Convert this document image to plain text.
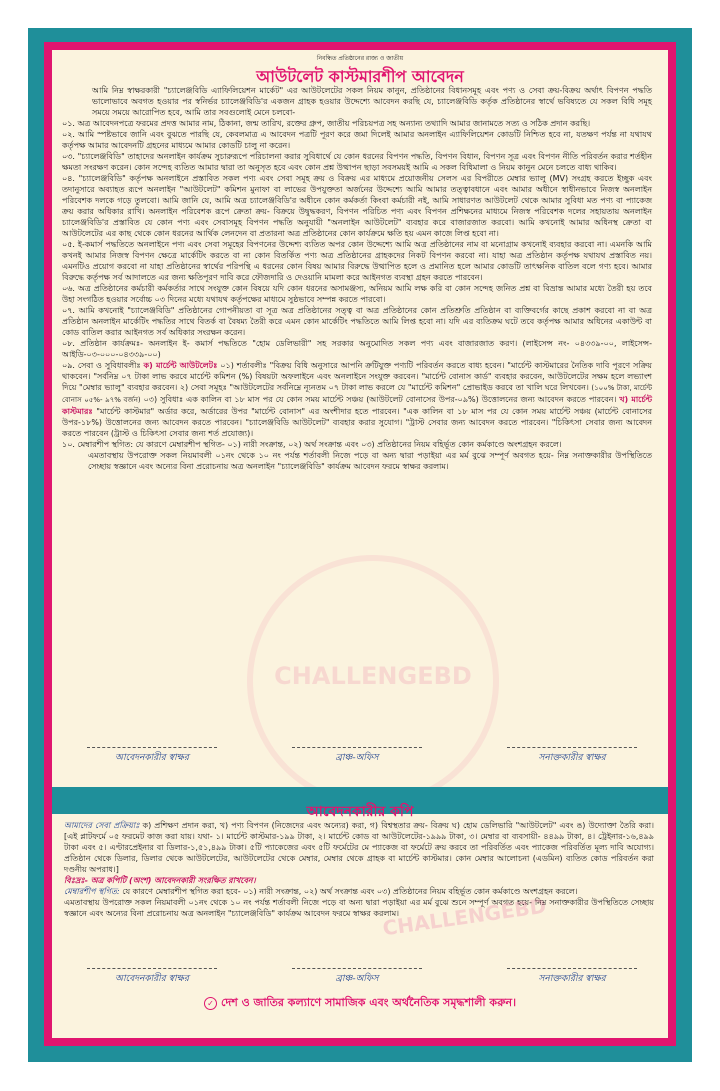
CHALLENGEBD
নিবন্ধিত প্রতিষ্ঠানের রাজ্য ও জাতীয়
আউটলেট কাস্টমারশীপ আবেদন
আমি নিম্ন স্বাক্ষরকারী "চ্যালেঞ্জবিডি এ্যাফিলিয়েশন মার্কেট" এর আউটলেটের সকল নিয়ম কানুন, প্রতিষ্ঠানের বিধানসমূহ এবং পণ্য ও সেবা ক্রয়-বিক্রয় অর্থাৎ বিপণন পদ্ধতি ভালোভাবে অবগত হওয়ার পর স্বনির্ভর চ্যালেঞ্জবিডি'র একজন গ্রাহক হওয়ার উদ্দেশ্যে আবেদন করছি যে, চ্যালেঞ্জবিডি কর্তৃক প্রতিষ্ঠানের স্বার্থে ভবিষ্যতে যে সকল বিধি সমূহ সময়ে সময়ে আরোপিত হবে, আমি তার সবগুলোই মেনে চলবো-
০১. অত্র আবেদনপত্রে ফরমের প্রদত্ত আমার নাম, ঠিকানা, জন্ম তারিখ, রক্তের গ্রুপ, জাতীয় পরিচয়পত্র সহ অন্যান্য তথ্যাদি আমার জানামতে সত্য ও সঠিক প্রদান করছি।
০২. আমি স্পষ্টভাবে জানি এবং বুঝতে পারছি যে, কেবলমাত্র এ আবেদন পত্রটি পূরণ করে জমা দিলেই আমার অনলাইন এ্যাফিলিয়েশন কোডটি নিশ্চিত হবে না, যতক্ষণ পর্যন্ত না যথাযথ কর্তৃপক্ষ আমার আবেদনটি গ্রহনের মাধ্যমে আমার কোডটি চালু না করেন।
০৩. "চ্যালেঞ্জবিডি" তাহাদের অনলাইন কার্যক্রম সুচারুরূপে পরিচালনা করার সুবিধার্থে যে কোন ধরনের বিপণন পদ্ধতি, বিপণন বিধান, বিপণন সূত্র এবং বিপণন নীতি পরিবর্তন করার শর্তহীন ক্ষমতা সংরক্ষণ করেন। কোন সন্দেহ ব্যতিত আমার দ্বারা তা অনুসৃত হবে এবং কোন প্রশ্ন উত্থাপন ছাড়া সবসময়ই আমি এ সকল বিধিমালা ও নিয়ম কানুন মেনে চলতে বাধ্য থাকিব।
০৪. "চ্যালেঞ্জবিডি" কর্তৃপক্ষ অনলাইনে প্রস্তাবিত সকল পণ্য এবং সেবা সমূহ ক্রয় ও বিক্রয় এর মাধ্যমে প্রয়োজনীয় সেলস এর বিপরীতে মেম্বার ভ্যালু (MV) সংগ্রহ করতে ইচ্ছুক এবং তদানুসারে অব্যাহত রূপে অনলাইন "আউটলেট" কমিশন মুনাফা বা লাভের উপযুক্ততা অর্জনের উদ্দেশ্যে আমি আমার তত্ত্বাবধানে এবং আমার অধীনে স্বাধীনভাবে নিজস্ব অনলাইন পরিবেশক দলকে গড়ে তুলবো। আমি জানি যে, আমি অত্র চ্যালেঞ্জবিডি'র অধীনে কোন কর্মকর্তা কিংবা কর্মচারী নই, আমি সাধারণত আউটলেট থেকে আমার সুবিধা মত পণ্য বা প্যাকেজ ক্রয় করার অধিকার রাখি। অনলাইন পরিবেশক রূপে ক্রেতা ক্রয়- বিক্রয়ে উদ্বুদ্ধকরণ, বিপণন পরিচিত পণ্য এবং বিপণন প্রশিক্ষনের মাধ্যমে নিজস্ব পরিবেশক দলের সহায়তায় অনলাইন চ্যালেঞ্জবিডি'র প্রস্তাবিত যে কোন পণ্য এবং সেবাসমূহ বিপণন পদ্ধতি অনুযায়ী "অনলাইন আউটলেট" ব্যবহার করে বাজারজাত করবো। আমি কখনোই আমার অধিনস্থ ক্রেতা বা আউটলেটের এর কাছ থেকে কোন ধরনের আর্থিক লেনদেন বা প্রতারনা অত্র প্রতিষ্ঠানের কোন কার্যক্রমে ক্ষতি হয় এমন কাজে লিপ্ত হবো না।
০৫. ই-কমার্স পদ্ধতিতে অনলাইনে পণ্য এবং সেবা সমূহের বিপণনের উদ্দেশ্য ব্যতিত অপর কোন উদ্দেশ্যে আমি অত্র প্রতিষ্ঠানের নাম বা মনোগ্রাম কখনোই ব্যবহার করবো না। এমনকি আমি কখনই আমার নিজস্ব বিপণন ক্ষেত্রে মার্কেটিং করতে বা না কোন বিতর্কিত পণ্য অত্র প্রতিষ্ঠানের গ্রাহকদের নিকট বিপণন করবো না। যাহা অত্র প্রতিষ্ঠান কর্তৃপক্ষ যথাযথ প্রস্তাবিত নয়। এমনটিও প্রয়োগ করবো না যাহা প্রতিষ্ঠানের স্বার্থের পরিপন্থি এ ধরনের কোন বিষয় আমার বিরুদ্ধে উত্থাপিত হলে ও প্রমানিত হলে আমার কোডটি তাৎক্ষনিক বাতিল বলে গণ্য হবে। আমার বিরুদ্ধে কর্তৃপক্ষ সর্ব আদালতে এর জন্য ক্ষতিপূরণ দাবি করে ফৌজদারি ও দেওয়ানি মামলা করে আইনগত ব্যবস্থা গ্রহন করতে পারবেন।
০৬. অত্র প্রতিষ্ঠানের কর্মচারী কর্মকর্তার সাথে সংযুক্ত কোন বিষয়ে যদি কোন ধরনের অসামঞ্জস্য, অনিয়ম আমি লক্ষ করি বা কোন সন্দেহ জনিত প্রশ্ন বা বিভ্রান্ত আমার মধ্যে তৈরী হয় তবে উহা সংগঠিত হওয়ার সর্বোচ্চ ০৩ দিনের মধ্যে যথাযথ কর্তৃপক্ষের মাধ্যমে সুষ্ঠভাবে সম্পন্ন করতে পারবো।
০৭. আমি কখনোই "চ্যালেঞ্জবিডি" প্রতিষ্ঠানের গোপনীয়তা বা সূত্র অত্র প্রতিষ্ঠানের সত্ত্ব বা অত্র প্রতিষ্ঠানের কোন প্রতিশ্রুতি প্রতিষ্ঠান বা ব্যক্তিবর্গের কাছে প্রকাশ করবো না বা অত্র প্রতিষ্ঠান অনলাইন মার্কেটিং পদ্ধতির সাথে বিতর্ক বা বৈষম্য তৈরী করে এমন কোন মার্কেটিং পদ্ধতিতে আমি লিপ্ত হবো না। যদি এর ব্যতিক্রম ঘটে তবে কর্তৃপক্ষ আমার অধিনের একাউন্ট বা কোড বাতিল করার আইনগত সর্ব অধিকার সংরক্ষন করেন।
০৮. প্রতিষ্ঠান কার্যক্রমঃ- অনলাইন ই- কমার্স পদ্ধতিতে "হোম ডেলিভারী" সহ সরকার অনুমোদিত সকল পণ্য এবং বাজারজাত করণ। (লাইসেন্স নং- ০৪৩৩৯-০০, লাইসেন্স- আইডি-০৩-০০০-০৪৩৩৯-০০)
০৯. সেবা ও সুবিধাবলীঃ ক) মার্চেন্ট আউটলেটঃ ০১) শর্তাবলীঃ "বিক্রয় বিধি অনুসারে আপনি ক্রটিযুক্ত পণ্যটি পরিবর্তন করতে বাধ্য হবেন। "মার্চেন্ট কাস্টমারের নৈতিক দাবি পূরণে সক্রিয় থাকবেন। "সর্বনিম্ন ০৭ টাকা লাভ করবে মার্চেন্ট কমিশন (%) বিষয়টা অফলাইনে এবং অনলাইনে সংযুক্ত করবেন। "মার্চেন্ট বোনাস কার্ড" ব্যবহার করবেন, আউটলেটের সক্ষম হলে লভ্যাংশ দিয়ে "মেম্বার ভ্যালু" ব্যবহার করবেন। ২) সেবা সমূহঃ "আউটলেটের সর্বনিম্নে ন্যূনতম ০৭ টাকা লাভ করলে যে "মার্চেন্ট কমিশন" প্রোভাইড করবে তা খালি ঘরে লিখবেন। (১০০% টাকা, মার্চেন্ট বোনাস ০৫%- ৯৭% বর্জন) ০৩) সুবিধাঃ এক কালিন বা ১৮ মাস পর যে কোন সময় মার্চেন্ট সঞ্চয় (আউটলেট বোনাসের উপর-০৯%) উত্তোলনের জন্য আবেদন করতে পারবেন। খ) মার্চেন্ট কাস্টমারঃ "মার্চেন্ট কাস্টমার" অর্ডার করে, অর্ডারের উপর "মার্চেন্ট বোনাস" এর অংশীদার হতে পারবেন। "এক কালিন বা ১৮ মাস পর যে কোন সময় মার্চেন্ট সঞ্চয় (মার্চেন্ট বোনাসের উপর-১৮%) উত্তোলনের জন্য আবেদন করতে পারবেন। "চ্যালেঞ্জবিডি আউটলেট" ব্যবহার করার সুযোগ। "ট্রাস্ট সেবার জন্য আবেদন করতে পারবেন। "চিকিৎসা সেবার জন্য আবেদন করতে পারবেন (ট্রাস্ট ও চিকিৎসা সেবার জন্য শর্ত প্রযোজ্য)।
১০. মেম্বারশীপ স্থগিত: যে কারণে মেম্বারশীপ স্থগিত- ০১) নারী সংক্রান্ত, ০২) অর্থ সংক্রান্ত এবং ০৩) প্রতিষ্ঠানের নিয়ম বহির্ভূত কোন কর্মকাণ্ডে অংশগ্রহন করলে।
এমতাবস্থায় উপরোক্ত সকল নিয়মাবলী ০১নং থেকে ১০ নং পর্যন্ত শর্তাবলী নিজে পড়ে বা অন্য দ্বারা পড়াইয়া এর মর্ম বুঝে সম্পূর্ণ অবগত হয়ে- নিম্ন সনাক্তকারীর উপস্থিতিতে সেচ্ছায় স্বজ্ঞানে এবং অন্যের বিনা প্ররোচনায় অত্র অনলাইন "চ্যালেঞ্জবিডি" কার্যক্রম আবেদন ফরমে স্বাক্ষর করলাম।
আবেদনকারীর স্বাক্ষর	ব্রাঞ্চ-অফিস	সনাক্তকারীর স্বাক্ষর
আবেদনকারীর কপি
আমাদের সেবা প্রক্রিয়াঃ ক) প্রশিক্ষণ প্রদান করা, খ) পণ্য বিপণন (নিজেদের এবং অন্যের) করা, গ) বিশ্বস্থতার ক্রয়- বিক্রয় ঘ) হোম ডেলিভারি "আউটলেট" এবং ঙ) উদ্যোক্তা তৈরি করা। [এই প্লাটফর্মে ০৫ ফরমেট কাজ করা যায়। যথা- ১। মার্চেন্ট কাস্টমার-১৯৯ টাকা, ২। মার্চেন্ট কোড বা আউটলেটের-১৯৯৯ টাকা, ৩। মেম্বার বা ব্যবসায়ী- ৪৪৯৯ টাকা, ৪। ট্রেইনার-১৬,৪৯৯ টাকা এবং ৫। এণ্টারপ্রেইনার বা ডিলার-১,৫১,৪৯৯ টাকা। ৫টি প্যাকেজের এবং ৫টি ফর্মেটের মে প্যাকেজ বা ফর্মেটে ক্রয় করবে তা পরিবর্তিত এবং প্যাকেজ পরিবর্তিত মূল্য দাবি অযোগ্য। প্রতিষ্ঠান থেকে ডিলার, ডিলার থেকে আউটলেটের, আউটলেটের থেকে মেম্বার, মেম্বার থেকে গ্রাহক বা মার্চেন্ট কাস্টমার। কোন মেম্বার আলোচনা (এডমিন) ব্যতিত কোড পরিবর্তন করা দণ্ডনীয় অপরাধ।]
বিঃদ্রঃ- অত্র কপিটি (অংশ) আবেদনকারী সংরক্ষিত রাখবেন।
মেম্বারশীপ স্থগিত: যে কারণে মেম্বারশীপ স্থগিত করা হবে- ০১) নারী সংক্রান্ত, ০২) অর্থ সংক্রান্ত এবং ০৩) প্রতিষ্ঠানের নিয়ম বহির্ভূত কোন কর্মকাণ্ডে অংশগ্রহন করলে।
এমতাবস্থায় উপরোক্ত সকল নিয়মাবলী ০১নং থেকে ১০ নং পর্যন্ত শর্তাবলী নিজে পড়ে বা অন্য দ্বারা পড়াইয়া এর মর্ম বুঝে শুনে সম্পূর্ণ অবগত হয়ে- নিম্ন সনাক্তকারীর উপস্থিতিতে সেচ্ছায় স্বজ্ঞানে এবং অন্যের বিনা প্ররোচনায় অত্র অনলাইন "চ্যালেঞ্জবিডি" কার্যক্রম আবেদন ফরমে স্বাক্ষর করলাম।
CHALLENGEBD
আবেদনকারীর স্বাক্ষর	ব্রাঞ্চ-অফিস	সনাক্তকারীর স্বাক্ষর
✓ দেশ ও জাতির কল্যাণে সামাজিক এবং অর্থনৈতিক সমৃদ্ধশালী করুন।
